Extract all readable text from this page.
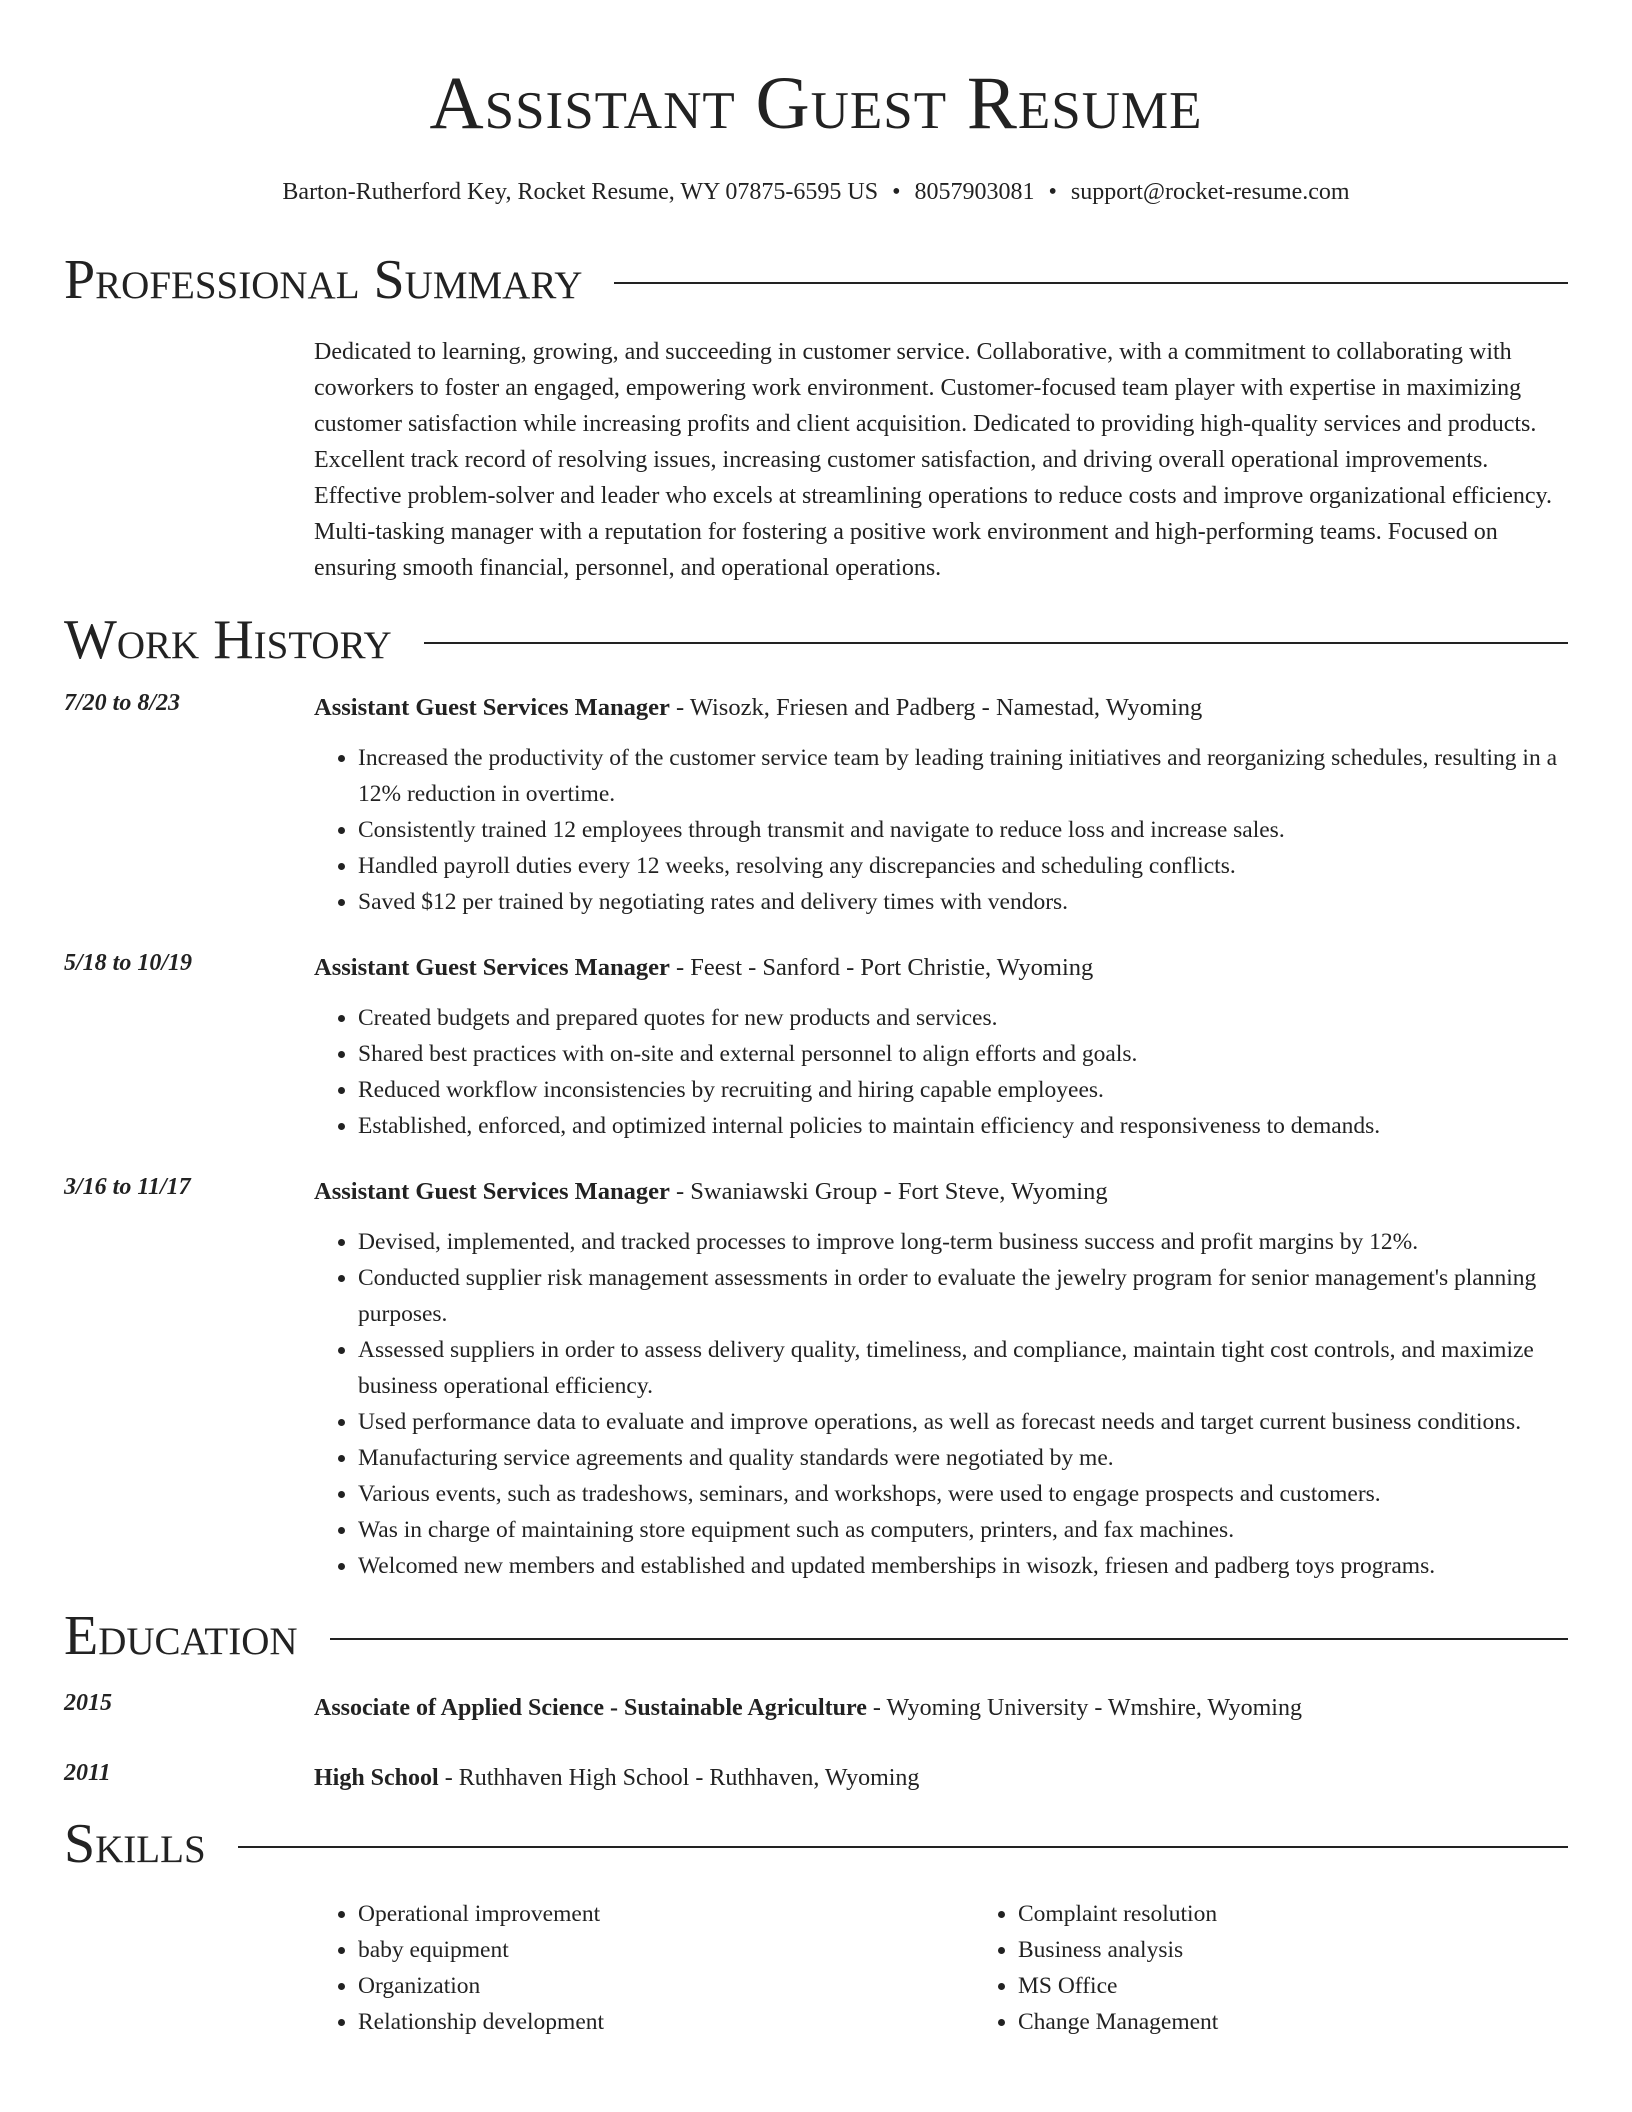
Assistant Guest Resume
Barton-Rutherford Key, Rocket Resume, WY 07875-6595 US • 8057903081 • support@rocket-resume.com
Professional Summary
Dedicated to learning, growing, and succeeding in customer service. Collaborative, with a commitment to collaborating with coworkers to foster an engaged, empowering work environment. Customer-focused team player with expertise in maximizing customer satisfaction while increasing profits and client acquisition. Dedicated to providing high-quality services and products. Excellent track record of resolving issues, increasing customer satisfaction, and driving overall operational improvements. Effective problem-solver and leader who excels at streamlining operations to reduce costs and improve organizational efficiency. Multi-tasking manager with a reputation for fostering a positive work environment and high-performing teams. Focused on ensuring smooth financial, personnel, and operational operations.
Work History
7/20 to 8/23	Assistant Guest Services Manager - Wisozk, Friesen and Padberg - Namestad, Wyoming
• Increased the productivity of the customer service team by leading training initiatives and reorganizing schedules, resulting in a 12% reduction in overtime.
• Consistently trained 12 employees through transmit and navigate to reduce loss and increase sales.
• Handled payroll duties every 12 weeks, resolving any discrepancies and scheduling conflicts.
• Saved $12 per trained by negotiating rates and delivery times with vendors.
5/18 to 10/19	Assistant Guest Services Manager - Feest - Sanford - Port Christie, Wyoming
• Created budgets and prepared quotes for new products and services.
• Shared best practices with on-site and external personnel to align efforts and goals.
• Reduced workflow inconsistencies by recruiting and hiring capable employees.
• Established, enforced, and optimized internal policies to maintain efficiency and responsiveness to demands.
3/16 to 11/17	Assistant Guest Services Manager - Swaniawski Group - Fort Steve, Wyoming
• Devised, implemented, and tracked processes to improve long-term business success and profit margins by 12%.
• Conducted supplier risk management assessments in order to evaluate the jewelry program for senior management's planning purposes.
• Assessed suppliers in order to assess delivery quality, timeliness, and compliance, maintain tight cost controls, and maximize business operational efficiency.
• Used performance data to evaluate and improve operations, as well as forecast needs and target current business conditions.
• Manufacturing service agreements and quality standards were negotiated by me.
• Various events, such as tradeshows, seminars, and workshops, were used to engage prospects and customers.
• Was in charge of maintaining store equipment such as computers, printers, and fax machines.
• Welcomed new members and established and updated memberships in wisozk, friesen and padberg toys programs.
Education
2015	Associate of Applied Science - Sustainable Agriculture - Wyoming University - Wmshire, Wyoming
2011	High School - Ruthhaven High School - Ruthhaven, Wyoming
Skills
• Operational improvement
• baby equipment
• Organization
• Relationship development
• Complaint resolution
• Business analysis
• MS Office
• Change Management
